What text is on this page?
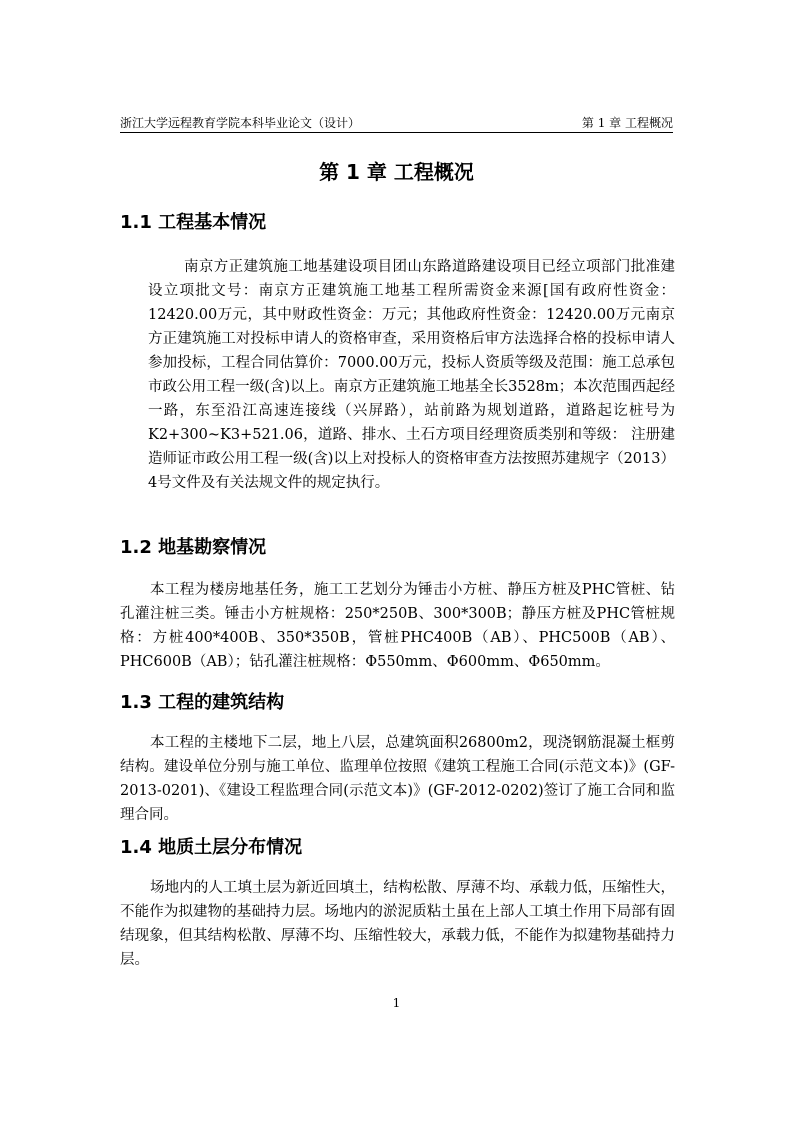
浙江大学远程教育学院本科毕业论文（设计）	第 1 章 工程概况
第 1 章 工程概况
1.1 工程基本情况
南京方正建筑施工地基建设项目团山东路道路建设项目已经立项部门批准建设立项批文号：南京方正建筑施工地基工程所需资金来源[国有政府性资金：12420.00万元，其中财政性资金：万元；其他政府性资金：12420.00万元南京方正建筑施工对投标申请人的资格审查，采用资格后审方法选择合格的投标申请人参加投标，工程合同估算价：7000.00万元，投标人资质等级及范围：施工总承包市政公用工程一级(含)以上。南京方正建筑施工地基全长3528m；本次范围西起经一路，东至沿江高速连接线（兴屏路），站前路为规划道路，道路起讫桩号为K2+300~K3+521.06，道路、排水、土石方项目经理资质类别和等级： 注册建造师证市政公用工程一级(含)以上对投标人的资格审查方法按照苏建规字（2013）4号文件及有关法规文件的规定执行。
1.2 地基勘察情况
本工程为楼房地基任务，施工工艺划分为锤击小方桩、静压方桩及PHC管桩、钻孔灌注桩三类。锤击小方桩规格：250*250B、300*300B；静压方桩及PHC管桩规格：方桩400*400B、350*350B，管桩PHC400B（AB）、PHC500B（AB）、PHC600B（AB）；钻孔灌注桩规格：Φ550mm、Φ600mm、Φ650mm。
1.3 工程的建筑结构
本工程的主楼地下二层，地上八层，总建筑面积26800m2，现浇钢筋混凝土框剪结构。建设单位分别与施工单位、监理单位按照《建筑工程施工合同(示范文本)》(GF-2013-0201)、《建设工程监理合同(示范文本)》(GF-2012-0202)签订了施工合同和监理合同。
1.4 地质土层分布情况
场地内的人工填土层为新近回填土，结构松散、厚薄不均、承载力低，压缩性大，不能作为拟建物的基础持力层。场地内的淤泥质粘土虽在上部人工填土作用下局部有固结现象，但其结构松散、厚薄不均、压缩性较大，承载力低，不能作为拟建物基础持力层。
1
